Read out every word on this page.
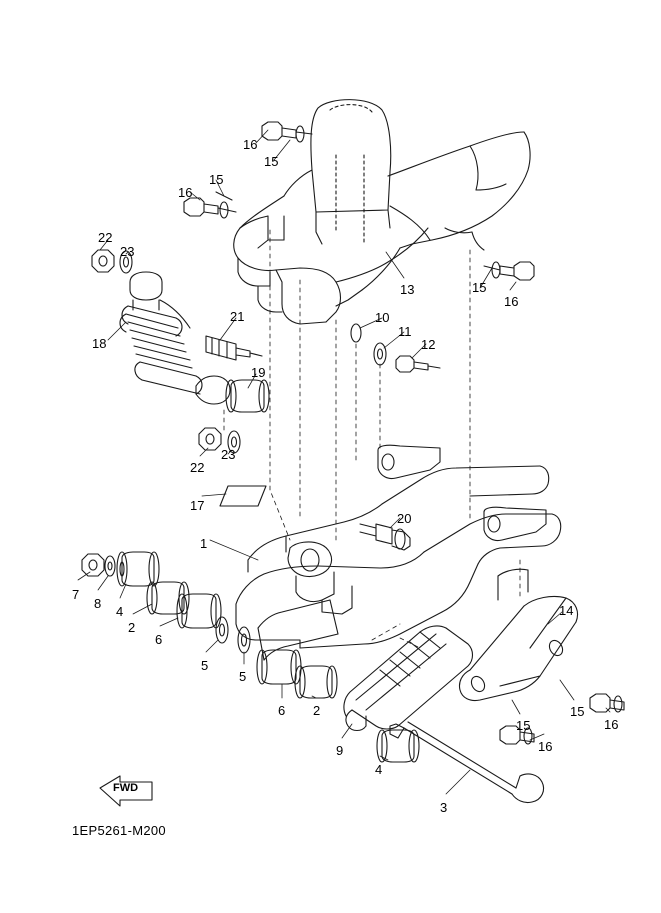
FWD
1EP5261-M200
16
15
16
15
22
23
18
21
19
13	15
16
10
11
12
22
23
17
20
1
7
8
4
2
6
5
5
6 2
9
4
3
14
15
16
15
16
